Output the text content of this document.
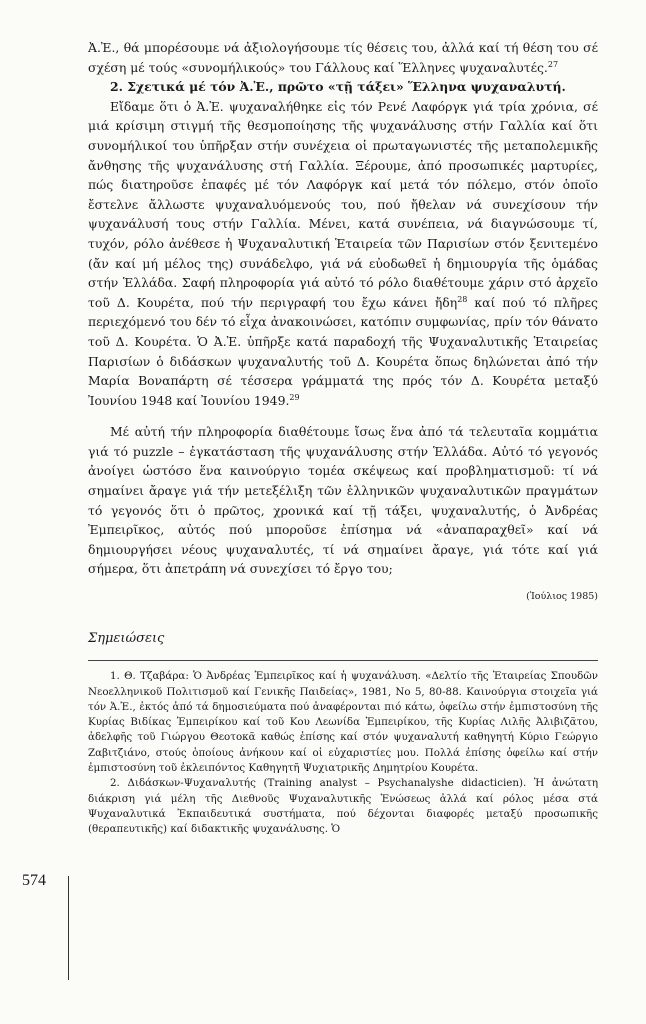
Ἀ.Ἐ., θά μπορέσουμε νά ἀξιολογήσουμε τίς θέσεις του, ἀλλά καί τή θέση του σέ σχέση μέ τούς «συνομήλικούς» του Γάλλους καί Ἕλληνες ψυχαναλυτές.$^{27}$

2. Σχετικά μέ τόν Ἀ.Ἐ., πρῶτο «τῇ τάξει» Ἕλληνα ψυχαναλυτή.

Εἴδαμε ὅτι ὁ Ἀ.Ἐ. ψυχαναλήθηκε εἰς τόν Ρενέ Λαφόργκ γιά τρία χρόνια, σέ μιά κρίσιμη στιγμή τῆς θεσμοποίησης τῆς ψυχανάλυσης στήν Γαλλία καί ὅτι συνομήλικοί του ὑπῆρξαν στήν συνέχεια οἱ πρωταγωνιστές τῆς μεταπολεμικῆς ἄνθησης τῆς ψυχανάλυσης στή Γαλλία. Ξέρουμε, ἀπό προσωπικές μαρτυρίες, πώς διατηροῦσε ἐπαφές μέ τόν Λαφόργκ καί μετά τόν πόλεμο, στόν ὁποῖο ἔστελνε ἄλλωστε ψυχαναλυόμενούς του, πού ἤθελαν νά συνεχίσουν τήν ψυχανάλυσή τους στήν Γαλλία. Μένει, κατά συνέπεια, νά διαγνώσουμε τί, τυχόν, ρόλο ἀνέθεσε ἡ Ψυχαναλυτική Ἑταιρεία τῶν Παρισίων στόν ξενιτεμένο (ἄν καί μή μέλος της) συνάδελφο, γιά νά εὐοδωθεῖ ἡ δημιουργία τῆς ὁμάδας στήν Ἑλλάδα. Σαφή πληροφορία γιά αὐτό τό ρόλο διαθέτουμε χάριν στό ἀρχεῖο τοῦ Δ. Κουρέτα, πού τήν περιγραφή του ἔχω κάνει ἤδη$^{28}$ καί πού τό πλῆρες περιεχόμενό του δέν τό εἶχα ἀνακοινώσει, κατόπιν συμφωνίας, πρίν τόν θάνατο τοῦ Δ. Κουρέτα. Ὁ Ἀ.Ἐ. ὑπῆρξε κατά παραδοχή τῆς Ψυχαναλυτικῆς Ἑταιρείας Παρισίων ὁ διδάσκων ψυχαναλυτής τοῦ Δ. Κουρέτα ὅπως δηλώνεται ἀπό τήν Μαρία Βοναπάρτη σέ τέσσερα γράμματά της πρός τόν Δ. Κουρέτα μεταξύ Ἰουνίου 1948 καί Ἰουνίου 1949.29

Μέ αὐτή τήν πληροφορία διαθέτουμε ἴσως ἕνα ἀπό τά τελευταῖα κομμάτια γιά τό puzzle – ἐγκατάσταση τῆς ψυχανάλυσης στήν Ἑλλάδα. Αὐτό τό γεγονός ἀνοίγει ὡστόσο ἕνα καινούργιο τομέα σκέψεως καί προβληματισμοῦ: τί νά σημαίνει ἄραγε γιά τήν μετεξέλιξη τῶν ἑλληνικῶν ψυχαναλυτικῶν πραγμάτων τό γεγονός ὅτι ὁ πρῶτος, χρονικά καί τῇ τάξει, ψυχαναλυτής, ὁ Ἀνδρέας Ἐμπειρῖκος, αὐτός πού μποροῦσε ἐπίσημα νά «ἀναπαραχθεῖ» καί νά δημιουργήσει νέους ψυχαναλυτές, τί νά σημαίνει ἄραγε, γιά τότε καί γιά σήμερα, ὅτι ἀπετράπη νά συνεχίσει τό ἔργο του;

(Ἰούλιος 1985)
Σημειώσεις

1. Θ. Τζαβάρα: Ὁ Ἀνδρέας Ἐμπειρῖκος καί ἡ ψυχανάλυση. «Δελτίο τῆς Ἑταιρείας Σπουδῶν Νεοελληνικοῦ Πολιτισμοῦ καί Γενικῆς Παιδείας», 1981, Νο 5, 80-88. Καινούργια στοιχεῖα γιά τόν Ἀ.Ἐ., ἐκτός ἀπό τά δημοσιεύματα πού ἀναφέρονται πιό κάτω, ὀφείλω στήν ἐμπιστοσύνη τῆς Κυρίας Βιδίκας Ἐμπειρίκου καί τοῦ Κου Λεωνίδα Ἐμπειρίκου, τῆς Κυρίας Λιλῆς Ἀλιβιζᾶτου, ἀδελφῆς τοῦ Γιώργου Θεοτοκᾶ καθώς ἐπίσης καί στόν ψυχαναλυτή καθηγητή Κύριο Γεώργιο Ζαβιτζιάνο, στούς ὁποίους ἀνήκουν καί οἱ εὐχαριστίες μου. Πολλά ἐπίσης ὀφείλω καί στήν ἐμπιστοσύνη τοῦ ἐκλειπόντος Καθηγητῆ Ψυχιατρικῆς Δημητρίου Κουρέτα.

2. Διδάσκων-Ψυχαναλυτής (Training analyst – Psychanalyshe didacticien). Ἡ ἀνώτατη διάκριση γιά μέλη τῆς Διεθνοῦς Ψυχαναλυτικῆς Ἑνώσεως ἀλλά καί ρόλος μέσα στά Ψυχαναλυτικά Ἐκπαιδευτικά συστήματα, πού δέχονται διαφορές μεταξύ προσωπικῆς (θεραπευτικῆς) καί διδακτικῆς ψυχανάλυσης. Ὁ

574
